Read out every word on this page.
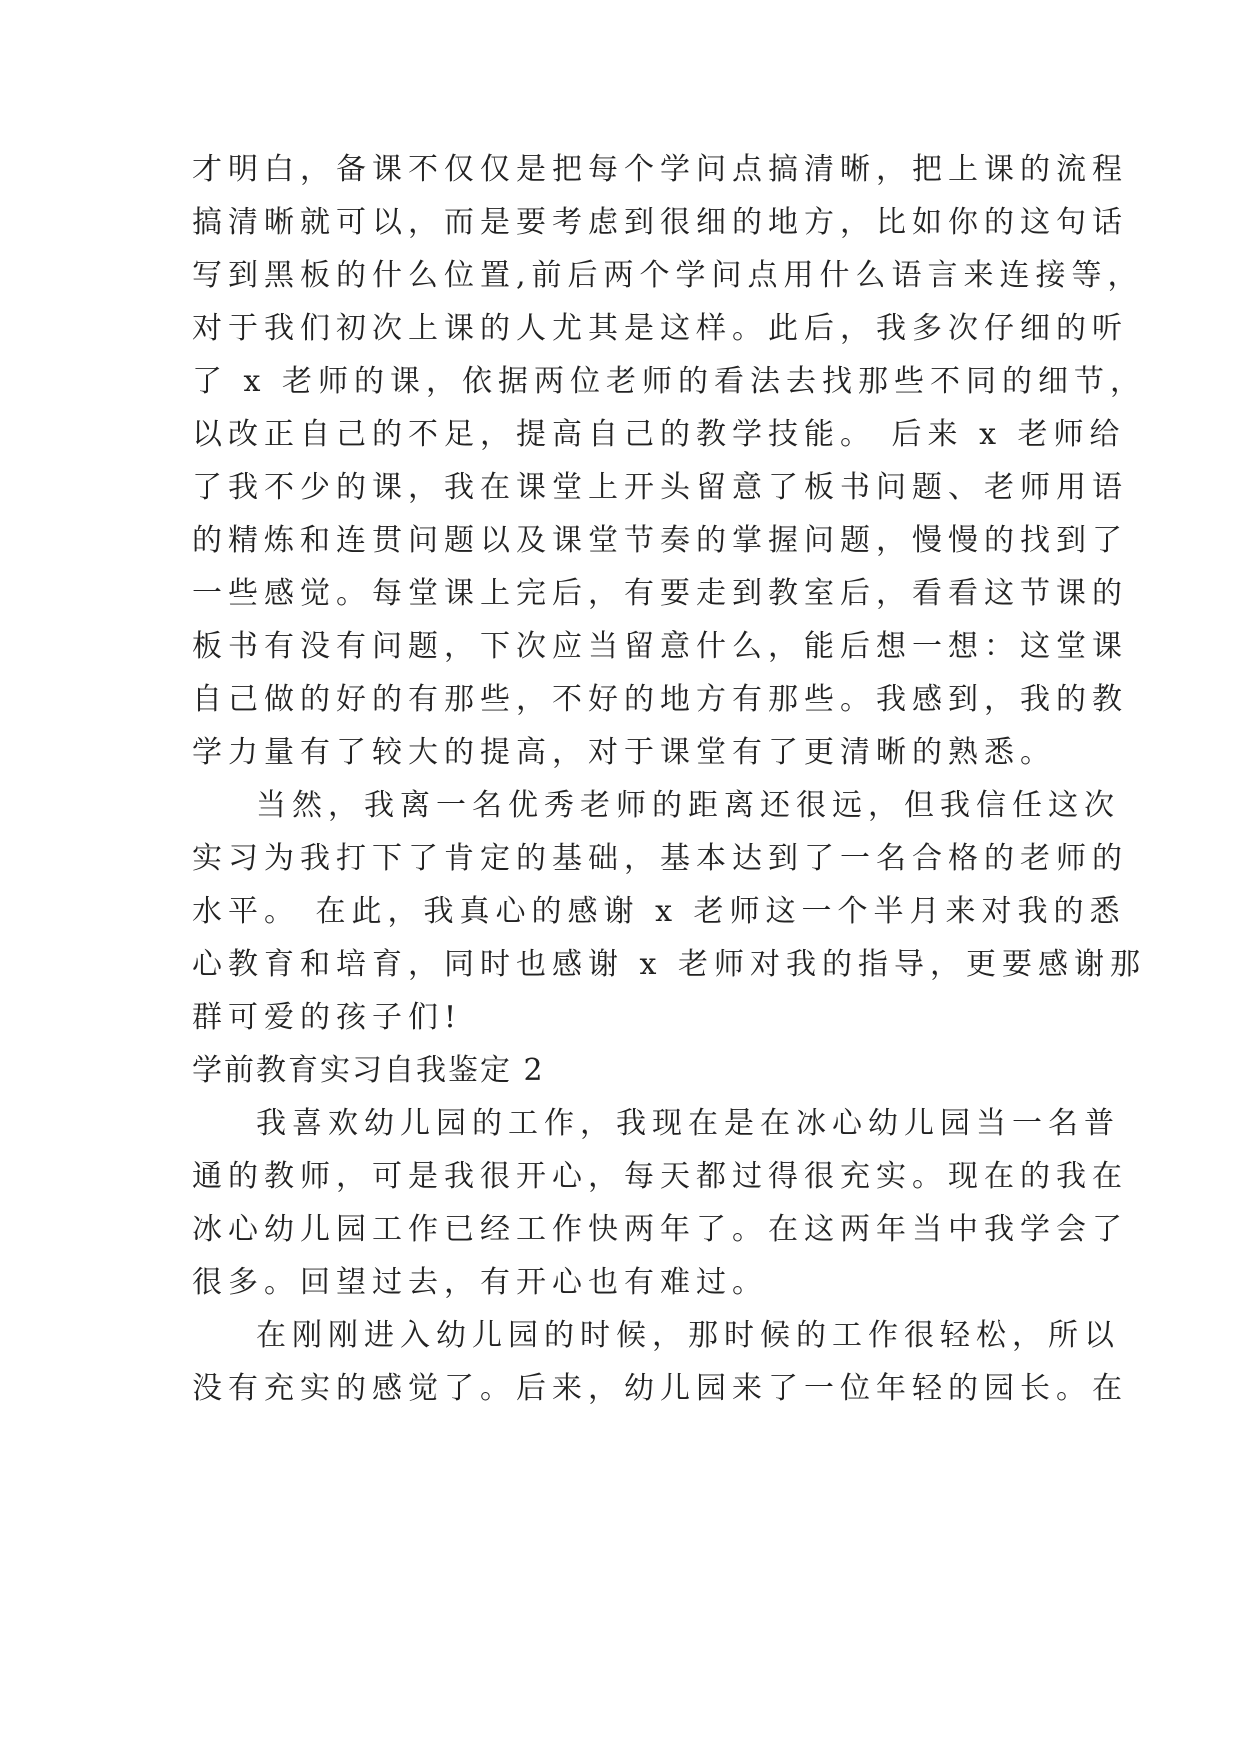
才明白，备课不仅仅是把每个学问点搞清晰，把上课的流程

搞清晰就可以，而是要考虑到很细的地方，比如你的这句话

写到黑板的什么位置,前后两个学问点用什么语言来连接等，

对于我们初次上课的人尤其是这样。此后，我多次仔细的听

了 x 老师的课，依据两位老师的看法去找那些不同的细节，

以改正自己的不足，提高自己的教学技能。 后来 x 老师给

了我不少的课，我在课堂上开头留意了板书问题、老师用语

的精炼和连贯问题以及课堂节奏的掌握问题，慢慢的找到了

一些感觉。每堂课上完后，有要走到教室后，看看这节课的

板书有没有问题，下次应当留意什么，能后想一想：这堂课

自己做的好的有那些，不好的地方有那些。我感到，我的教

学力量有了较大的提高，对于课堂有了更清晰的熟悉。

当然，我离一名优秀老师的距离还很远，但我信任这次

实习为我打下了肯定的基础，基本达到了一名合格的老师的

水平。 在此，我真心的感谢 x 老师这一个半月来对我的悉

心教育和培育，同时也感谢 x 老师对我的指导，更要感谢那

群可爱的孩子们!

学前教育实习自我鉴定 2

我喜欢幼儿园的工作，我现在是在冰心幼儿园当一名普

通的教师，可是我很开心，每天都过得很充实。现在的我在

冰心幼儿园工作已经工作快两年了。在这两年当中我学会了

很多。回望过去，有开心也有难过。

在刚刚进入幼儿园的时候，那时候的工作很轻松，所以

没有充实的感觉了。后来，幼儿园来了一位年轻的园长。在
